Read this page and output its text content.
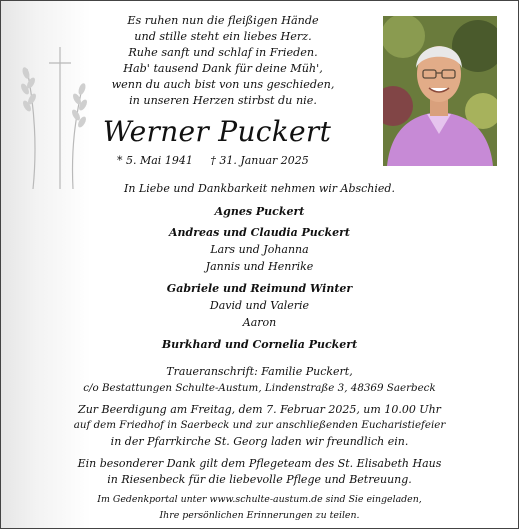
Es ruhen nun die fleißigen Hände
und stille steht ein liebes Herz.
Ruhe sanft und schlaf in Frieden.
Hab' tausend Dank für deine Müh',
wenn du auch bist von uns geschieden,
in unseren Herzen stirbst du nie.
Werner Puckert
* 5. Mai 1941 † 31. Januar 2025
In Liebe und Dankbarkeit nehmen wir Abschied.
Agnes Puckert
Andreas und Claudia Puckert
Lars und Johanna
Jannis und Henrike
Gabriele und Reimund Winter
David und Valerie
Aaron
Burkhard und Cornelia Puckert
Traueranschrift: Familie Puckert,
c/o Bestattungen Schulte-Austum, Lindenstraße 3, 48369 Saerbeck
Zur Beerdigung am Freitag, dem 7. Februar 2025, um 10.00 Uhr
auf dem Friedhof in Saerbeck und zur anschließenden Eucharistiefeier
in der Pfarrkirche St. Georg laden wir freundlich ein.
Ein besonderer Dank gilt dem Pflegeteam des St. Elisabeth Haus
in Riesenbeck für die liebevolle Pflege und Betreuung.
Im Gedenkportal unter www.schulte-austum.de sind Sie eingeladen,
Ihre persönlichen Erinnerungen zu teilen.
